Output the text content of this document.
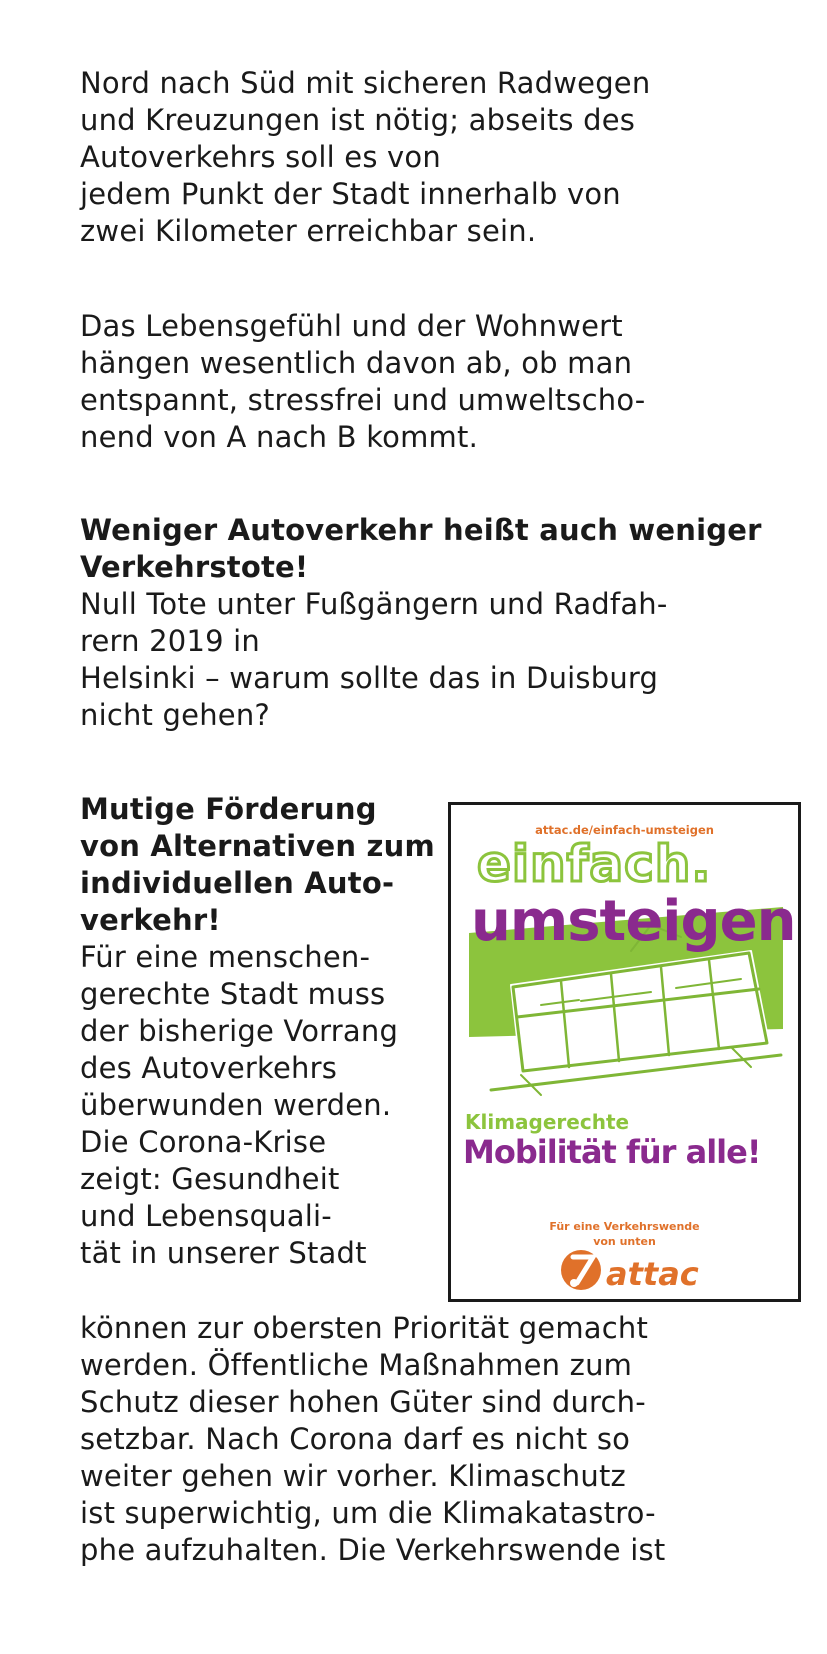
Nord nach Süd mit sicheren Radwegen
und Kreuzungen ist nötig; abseits des
Autoverkehrs soll es von
jedem Punkt der Stadt innerhalb von
zwei Kilometer erreichbar sein.
Das Lebensgefühl und der Wohnwert
hängen wesentlich davon ab, ob man
entspannt, stressfrei und umweltscho-
nend von A nach B kommt.
Weniger Autoverkehr heißt auch weniger
Verkehrstote!
Null Tote unter Fußgängern und Radfah-
rern 2019 in
Helsinki – warum sollte das in Duisburg
nicht gehen?
Mutige Förderung
von Alternativen zum
individuellen Auto-
verkehr!
Für eine menschen-
gerechte Stadt muss
der bisherige Vorrang
des Autoverkehrs
überwunden werden.
Die Corona-Krise
zeigt: Gesundheit
und Lebensquali-
tät in unserer Stadt
können zur obersten Priorität gemacht
werden. Öffentliche Maßnahmen zum
Schutz dieser hohen Güter sind durch-
setzbar. Nach Corona darf es nicht so
weiter gehen wir vorher. Klimaschutz
ist superwichtig, um die Klimakatastro-
phe aufzuhalten. Die Verkehrswende ist
attac.de/einfach-umsteigen
einfach.
umsteigen
Klimagerechte
Mobilität für alle!
Für eine Verkehrswende
von unten
attac
